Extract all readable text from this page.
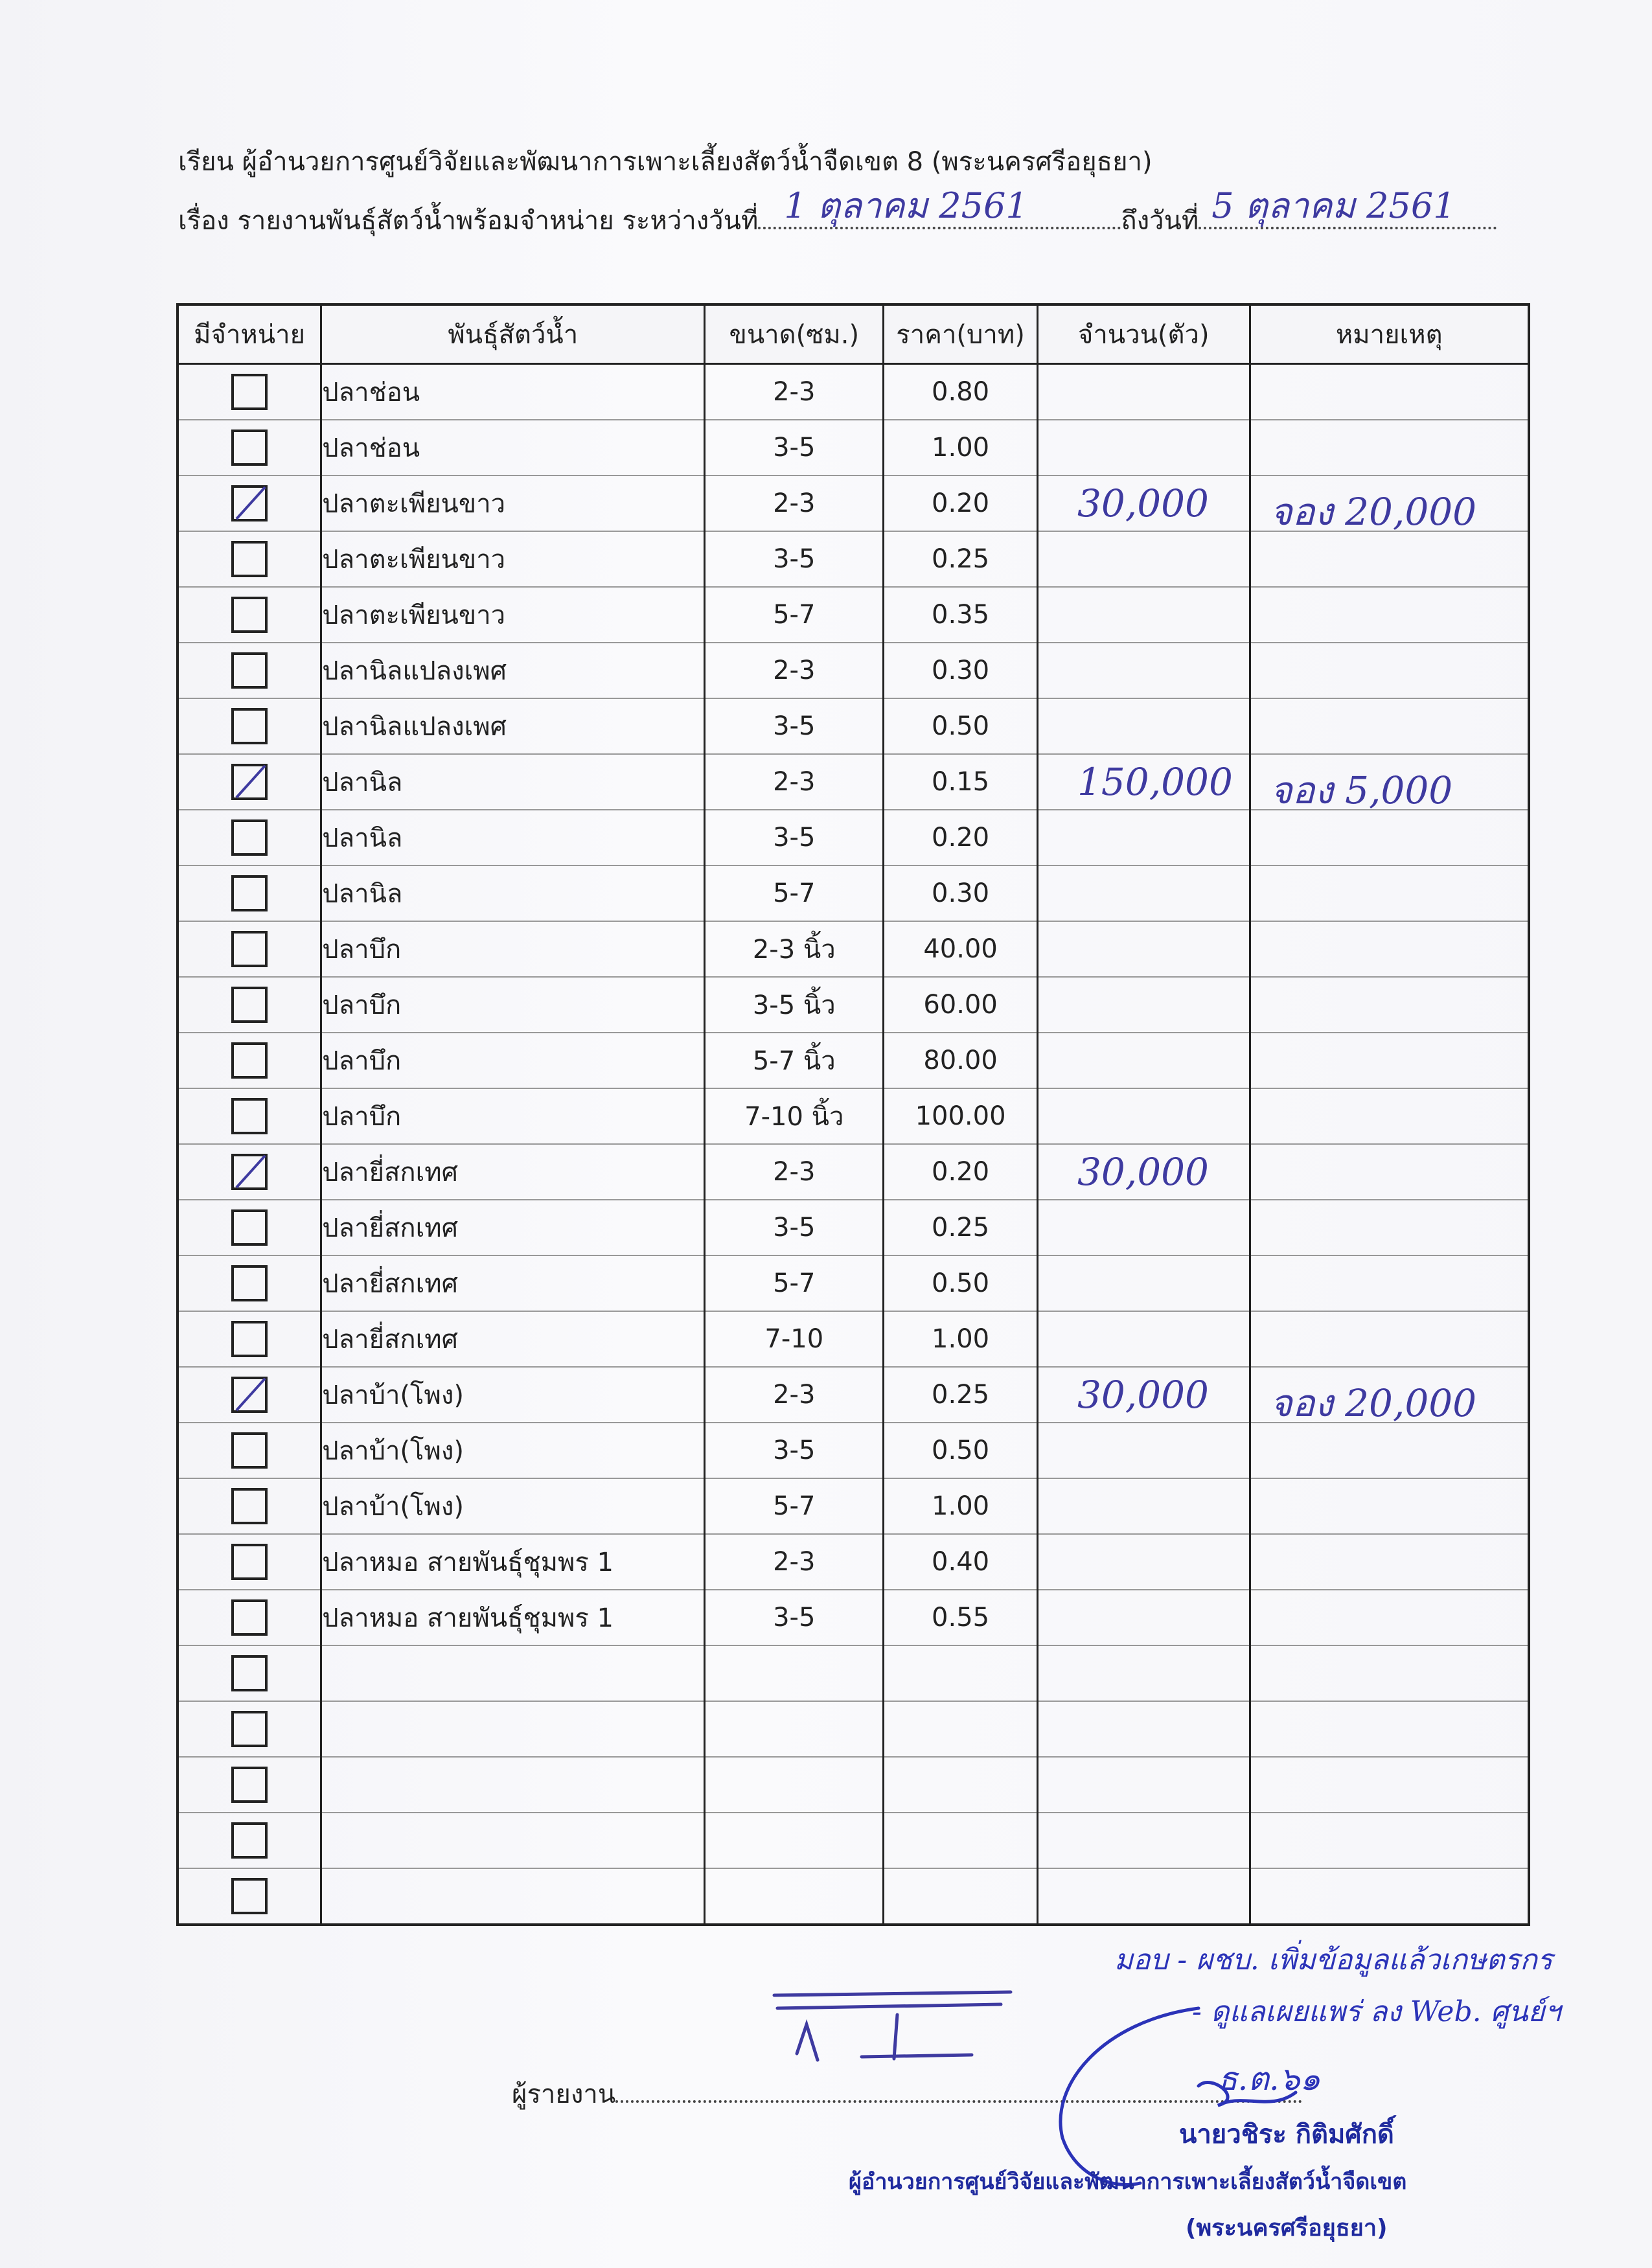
เรียน ผู้อำนวยการศูนย์วิจัยและพัฒนาการเพาะเลี้ยงสัตว์น้ำจืดเขต 8 (พระนครศรีอยุธยา)
เรื่อง รายงานพันธุ์สัตว์น้ำพร้อมจำหน่าย ระหว่างวันที่ 1 ตุลาคม 2561	ถึงวันที่ 5 ตุลาคม 2561
มีจำหน่าย	พันธุ์สัตว์น้ำ	ขนาด(ซม.)	ราคา(บาท)	จำนวน(ตัว)	หมายเหตุ

	ปลาช่อน	2-3	0.80	

	ปลาช่อน	3-5	1.00	

	ปลาตะเพียนขาว	2-3	0.20	30,000	จอง 20,000

	ปลาตะเพียนขาว	3-5	0.25	

	ปลาตะเพียนขาว	5-7	0.35	

	ปลานิลแปลงเพศ	2-3	0.30	

	ปลานิลแปลงเพศ	3-5	0.50	

	ปลานิล	2-3	0.15	150,000	จอง 5,000

	ปลานิล	3-5	0.20	

	ปลานิล	5-7	0.30	

	ปลาบึก	2-3 นิ้ว	40.00	

	ปลาบึก	3-5 นิ้ว	60.00	

	ปลาบึก	5-7 นิ้ว	80.00	

	ปลาบึก	7-10 นิ้ว	100.00	

	ปลายี่สกเทศ	2-3	0.20	30,000	

	ปลายี่สกเทศ	3-5	0.25	

	ปลายี่สกเทศ	5-7	0.50	

	ปลายี่สกเทศ	7-10	1.00	

	ปลาบ้า(โพง)	2-3	0.25	30,000	จอง 20,000

	ปลาบ้า(โพง)	3-5	0.50	

	ปลาบ้า(โพง)	5-7	1.00	

	ปลาหมอ สายพันธุ์ชุมพร 1	2-3	0.40	

	ปลาหมอ สายพันธุ์ชุมพร 1	3-5	0.55	

ผู้รายงาน
มอบ - ผชบ. เพิ่มข้อมูลแล้วเกษตรกร
- ดูแลเผยแพร่ ลง Web. ศูนย์ฯ
ธ.ต.๖๑
นายวชิระ กิติมศักดิ์
ผู้อำนวยการศูนย์วิจัยและพัฒนาการเพาะเลี้ยงสัตว์น้ำจืดเขต
(พระนครศรีอยุธยา)
